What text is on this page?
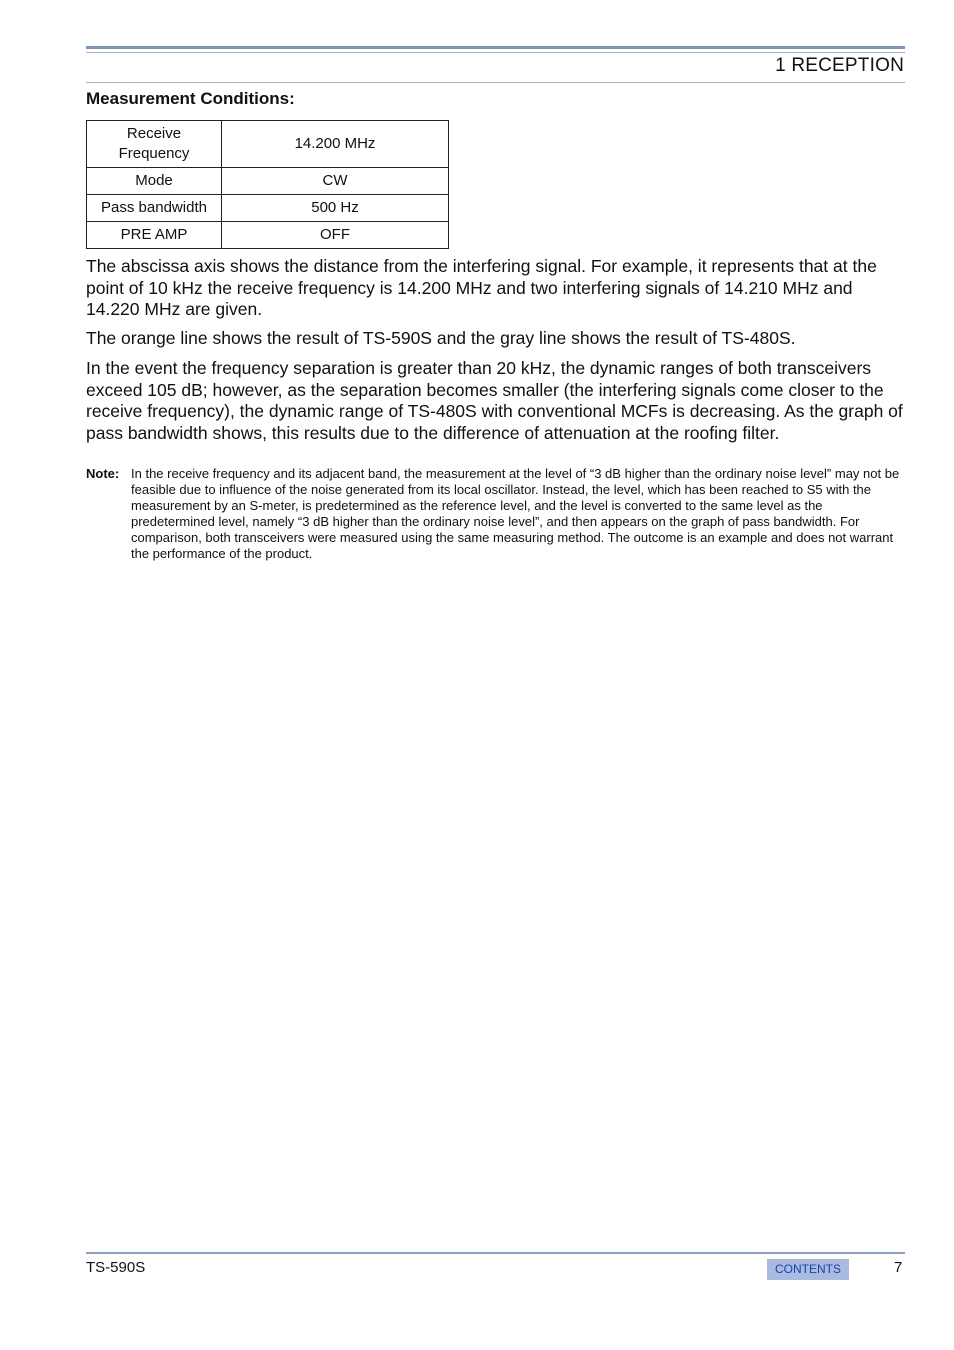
1 RECEPTION
Measurement Conditions:
Receive Frequency	14.200 MHz
Mode	CW
Pass bandwidth	500 Hz
PRE AMP	OFF
The abscissa axis shows the distance from the interfering signal. For example, it represents that at the point of 10 kHz the receive frequency is 14.200 MHz and two interfering signals of 14.210 MHz and 14.220 MHz are given.
The orange line shows the result of TS-590S and the gray line shows the result of TS-480S.
In the event the frequency separation is greater than 20 kHz, the dynamic ranges of both transceivers exceed 105 dB; however, as the separation becomes smaller (the interfering signals come closer to the receive frequency), the dynamic range of TS-480S with conventional MCFs is decreasing. As the graph of pass bandwidth shows, this results due to the difference of attenuation at the roofing filter.
Note: In the receive frequency and its adjacent band, the measurement at the level of “3 dB higher than the ordinary noise level” may not be feasible due to influence of the noise generated from its local oscillator. Instead, the level, which has been reached to S5 with the measurement by an S-meter, is predetermined as the reference level, and the level is converted to the same level as the predetermined level, namely “3 dB higher than the ordinary noise level”, and then appears on the graph of pass bandwidth. For comparison, both transceivers were measured using the same measuring method. The outcome is an example and does not warrant the performance of the product.
TS-590S	CONTENTS	7
